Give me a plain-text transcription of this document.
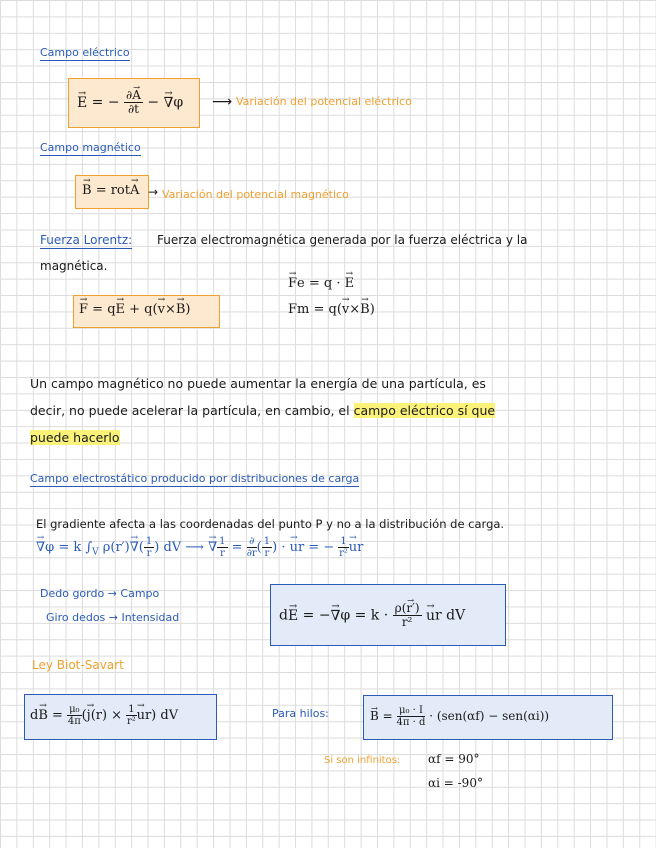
Campo eléctrico
→ E = − $\frac{\partial\to A}{\partial t}$ − → ∇φ ⟶ Variación del potencial eléctrico
Campo magnético
→ B = rot→ A → Variación del potencial magnético
Fuerza Lorentz: Fuerza electromagnética generada por la fuerza eléctrica y la
magnética.
→ F = q→ E + q(→ v×→ B)
→ Fe = q · → E
Fm = q(→ v×→ B)
Un campo magnético no puede aumentar la energía de una partícula, es
decir, no puede acelerar la partícula, en cambio, el campo eléctrico sí que
puede hacerlo
Campo electrostático producido por distribuciones de carga
El gradiente afecta a las coordenadas del punto P y no a la distribución de carga.
→ ∇φ = k $\int_V$ ρ(r′)→ ∇( $\frac{1}{r}$ ) dV ⟶ → ∇ $\frac{1}{r} = \frac{\partial}{\partial r}$ ( $\frac{1}{r}$ ) · → ur = − $\frac{1}{\text{r²}}$
→ ur
Dedo gordo → Campo
Giro dedos → Intensidad	d→ E = −→ $\nabla\varphi = k \cdot \frac{\rho(\to r')}{\text{r²}}$
→ ur dV
Ley Biot-Savart
$d\to B = \frac{\text{μ₀}}{4\pi}$ (→ $j(r) \times \frac{1}{\text{r²}}$
→ ur) dV	Para hilos:
→	$B = \frac{\text{μ₀ · I}}{4\pi \cdot d} \cdot (sen(\alpha f) - sen(\alpha i))$
Si son infinitos: αf = 90°
αi = -90°
